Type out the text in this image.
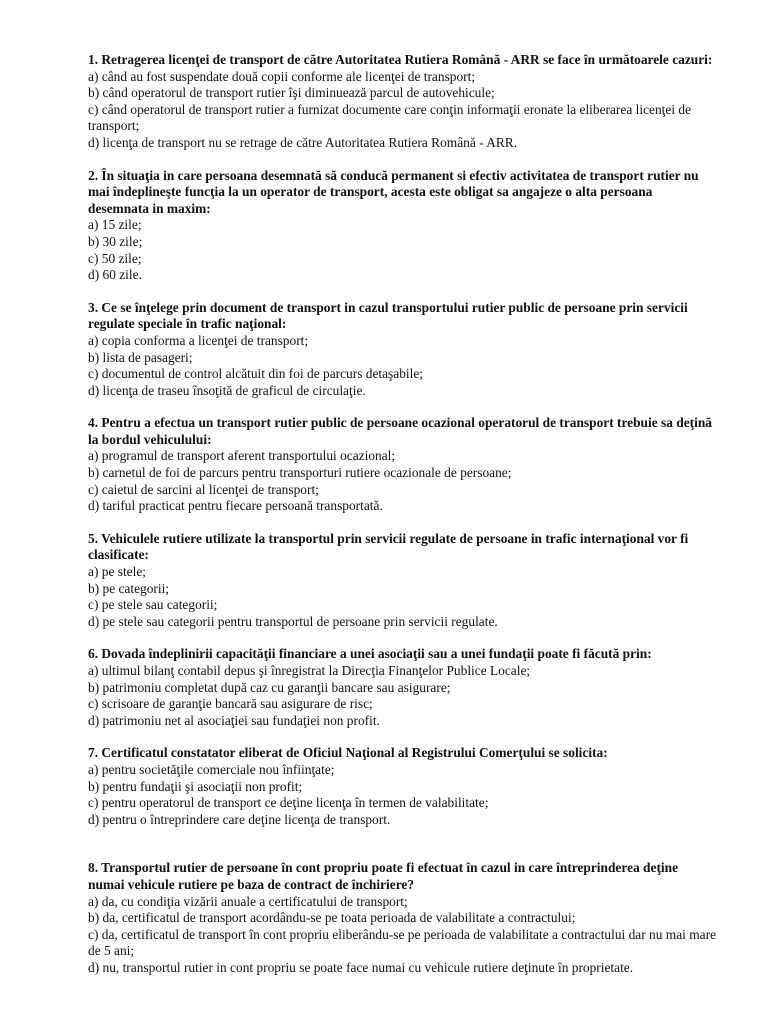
1. Retragerea licenţei de transport de către Autoritatea Rutiera Română - ARR se face în următoarele cazuri:

a) când au fost suspendate două copii conforme ale licenţei de transport;

b) când operatorul de transport rutier îşi diminuează parcul de autovehicule;

c) când operatorul de transport rutier a furnizat documente care conţin informaţii eronate la eliberarea licenţei de transport;

d) licenţa de transport nu se retrage de către Autoritatea Rutiera Română - ARR.

2. În situaţia in care persoana desemnată să conducă permanent si efectiv activitatea de transport rutier nu mai îndeplineşte funcţia la un operator de transport, acesta este obligat sa angajeze o alta persoana desemnata in maxim:

a) 15 zile;

b) 30 zile;

c) 50 zile;

d) 60 zile.

3. Ce se înţelege prin document de transport in cazul transportului rutier public de persoane prin servicii regulate speciale în trafic naţional:

a) copia conforma a licenţei de transport;

b) lista de pasageri;

c) documentul de control alcătuit din foi de parcurs detaşabile;

d) licenţa de traseu însoţită de graficul de circulaţie.

4. Pentru a efectua un transport rutier public de persoane ocazional operatorul de transport trebuie sa deţină la bordul vehiculului:

a) programul de transport aferent transportului ocazional;

b) carnetul de foi de parcurs pentru transporturi rutiere ocazionale de persoane;

c) caietul de sarcini al licenţei de transport;

d) tariful practicat pentru fiecare persoană transportată.

5. Vehiculele rutiere utilizate la transportul prin servicii regulate de persoane in trafic internaţional vor fi clasificate:

a) pe stele;

b) pe categorii;

c) pe stele sau categorii;

d) pe stele sau categorii pentru transportul de persoane prin servicii regulate.

6. Dovada îndeplinirii capacităţii financiare a unei asociaţii sau a unei fundaţii poate fi făcută prin:

a) ultimul bilanţ contabil depus şi înregistrat la Direcţia Finanţelor Publice Locale;

b) patrimoniu completat după caz cu garanţii bancare sau asigurare;

c) scrisoare de garanţie bancară sau asigurare de risc;

d) patrimoniu net al asociaţiei sau fundaţiei non profit.

7. Certificatul constatator eliberat de Oficiul Naţional al Registrului Comerţului se solicita:

a) pentru societăţile comerciale nou înfiinţate;

b) pentru fundaţii şi asociaţii non profit;

c) pentru operatorul de transport ce deţine licenţa în termen de valabilitate;

d) pentru o întreprindere care deţine licenţa de transport.

8. Transportul rutier de persoane în cont propriu poate fi efectuat în cazul in care întreprinderea deţine numai vehicule rutiere pe baza de contract de închiriere?

a) da, cu condiţia vizării anuale a certificatului de transport;

b) da, certificatul de transport acordându-se pe toata perioada de valabilitate a contractului;

c) da, certificatul de transport în cont propriu eliberându-se pe perioada de valabilitate a contractului dar nu mai mare de 5 ani;

d) nu, transportul rutier in cont propriu se poate face numai cu vehicule rutiere deţinute în proprietate.
